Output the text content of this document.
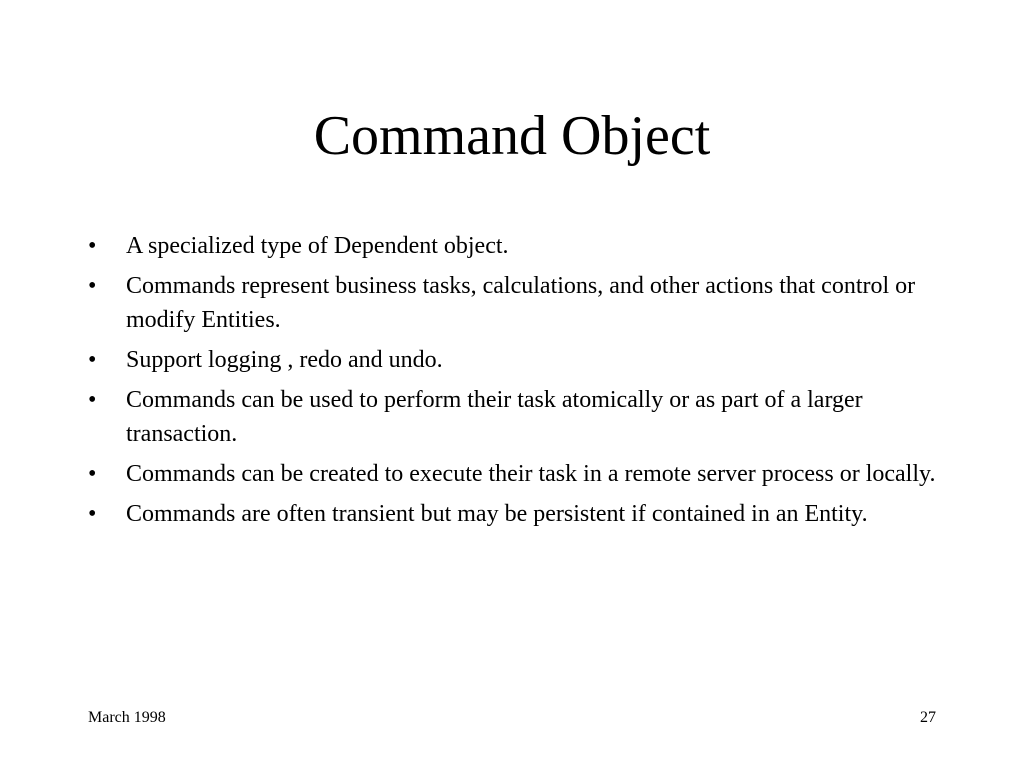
Command Object
• A specialized type of Dependent object.
• Commands represent business tasks, calculations, and other actions that control or modify Entities.
• Support logging , redo and undo.
• Commands can be used to perform their task atomically or as part of a larger transaction.
• Commands can be created to execute their task in a remote server process or locally.
• Commands are often transient but may be persistent if contained in an Entity.
March 1998	27
